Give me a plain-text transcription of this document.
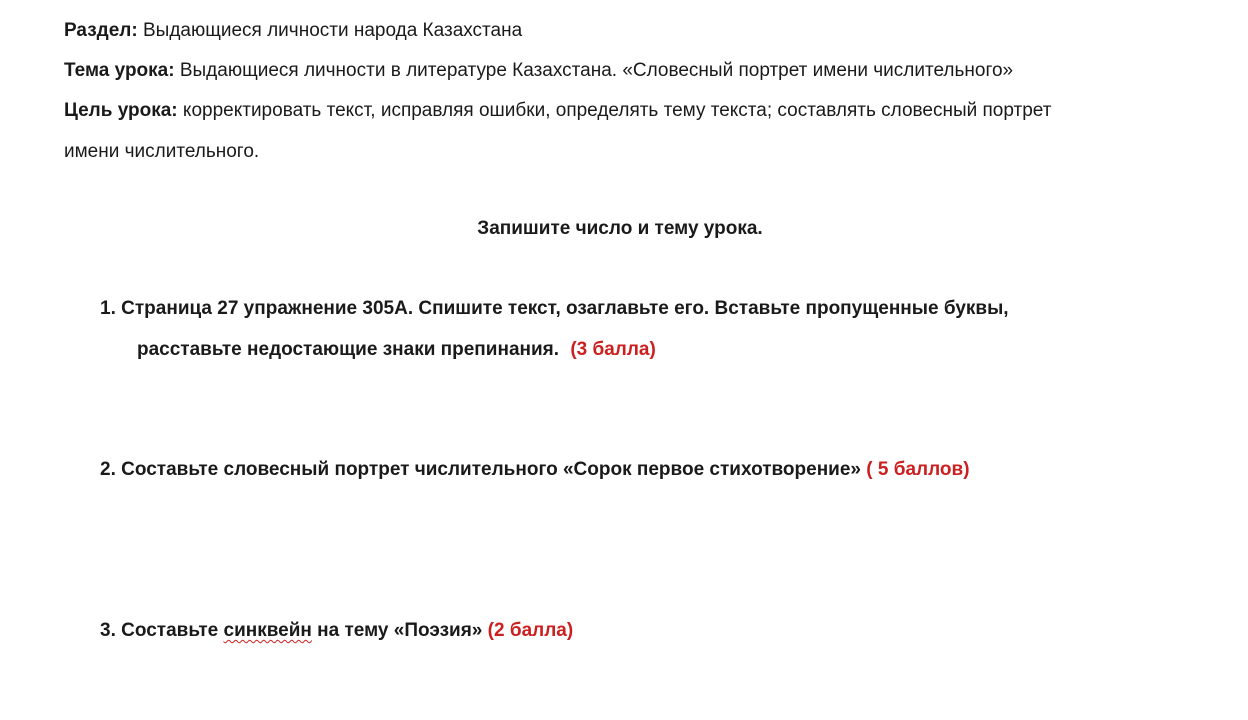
Раздел: Выдающиеся личности народа Казахстана
Тема урока: Выдающиеся личности в литературе Казахстана. «Словесный портрет имени числительного»
Цель урока: корректировать текст, исправляя ошибки, определять тему текста; составлять словесный портрет
имени числительного.
Запишите число и тему урока.
1. Страница 27 упражнение 305А. Спишите текст, озаглавьте его. Вставьте пропущенные буквы,
расставьте недостающие знаки препинания. (3 балла)
2. Составьте словесный портрет числительного «Сорок первое стихотворение» ( 5 баллов)
3. Составьте синквейн на тему «Поэзия» (2 балла)
